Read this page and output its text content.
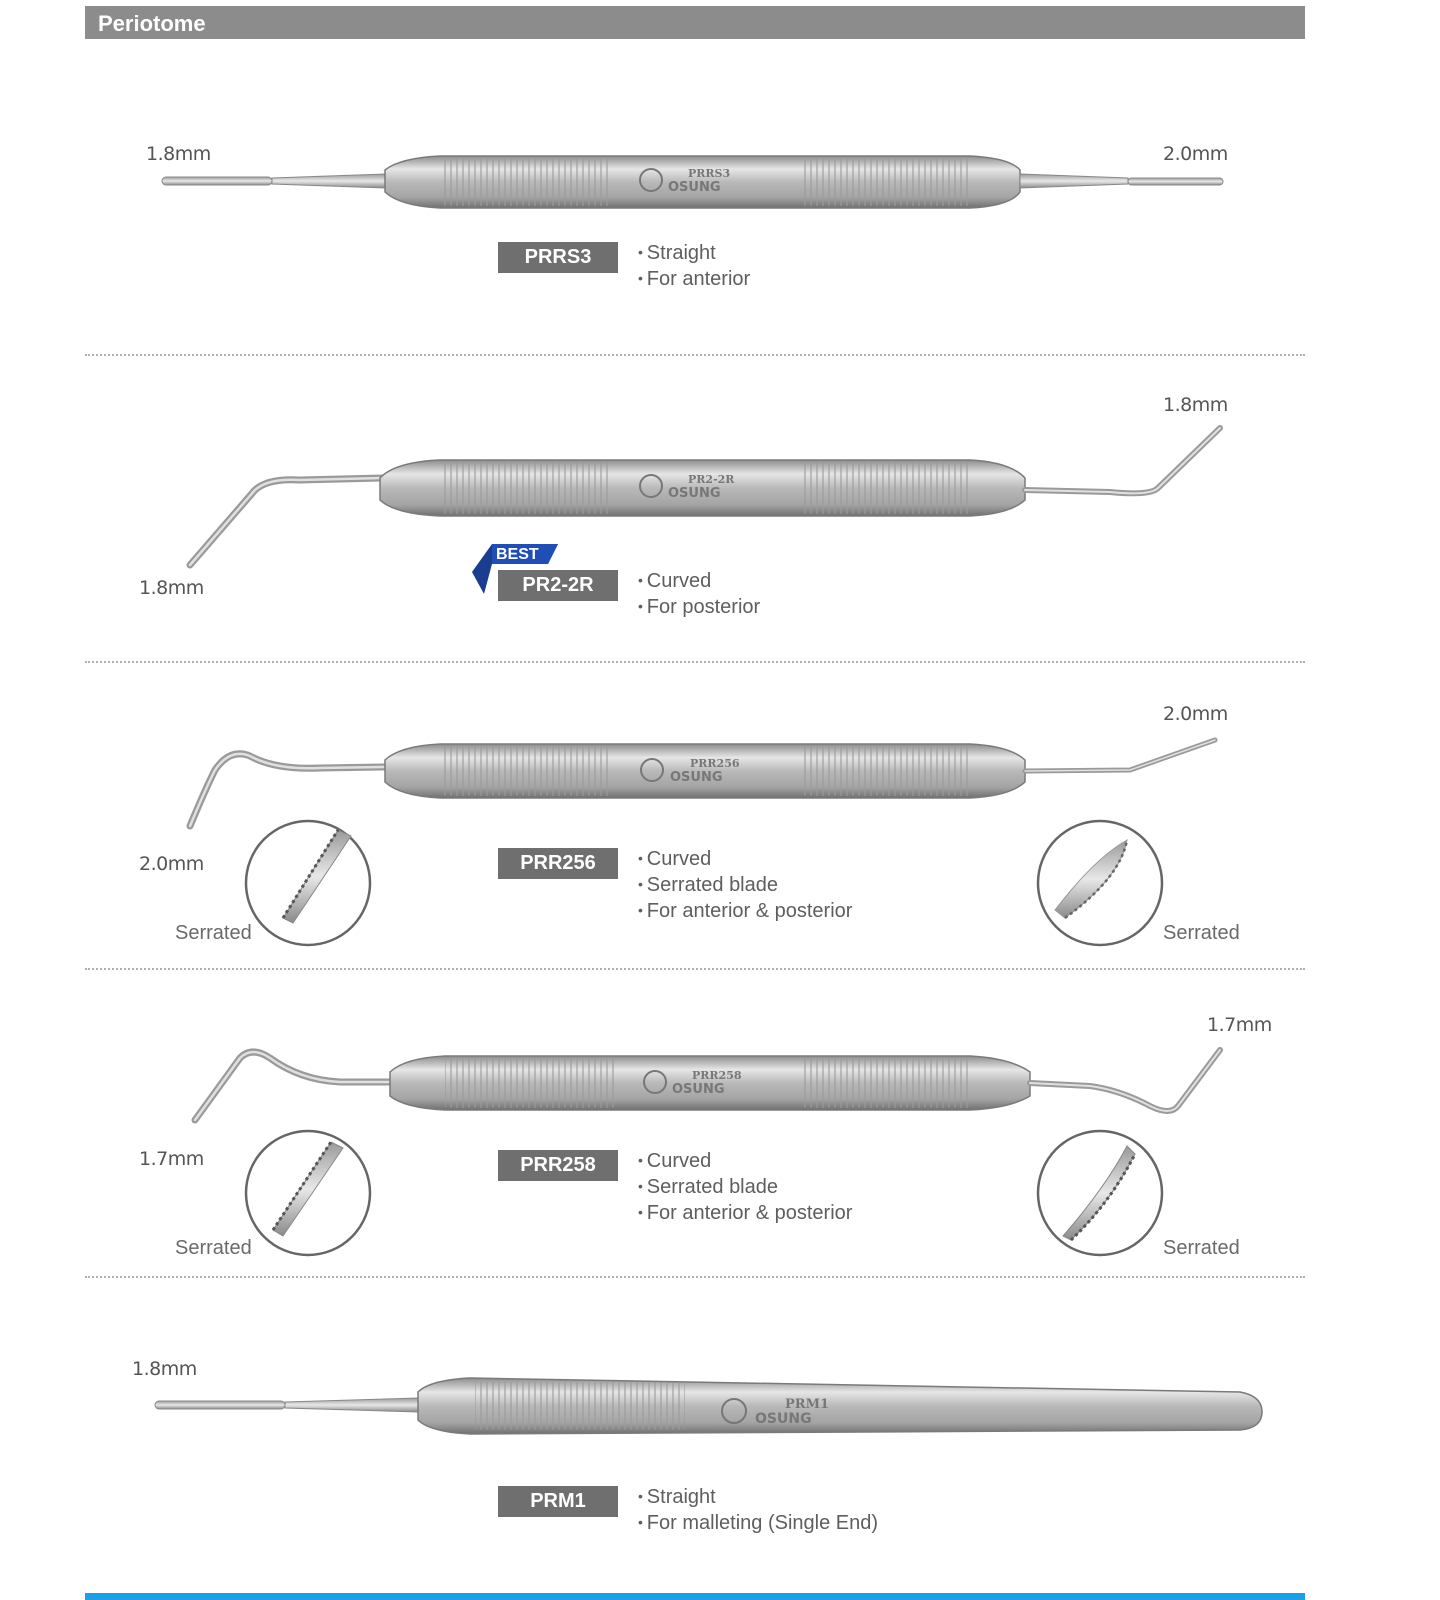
Periotome
1.8mm	2.0mm
PRRS3
OSUNG
PRRS3	• Straight
• For anterior
1.8mm
1.8mm
PR2-2R
OSUNG
BEST
PR2-2R	• Curved
• For posterior
2.0mm
2.0mm
PRR256
OSUNG
Serrated	Serrated
PRR256	• Curved
• Serrated blade
• For anterior & posterior
1.7mm
1.7mm
PRR258
OSUNG
Serrated	Serrated
PRR258	• Curved
• Serrated blade
• For anterior & posterior
1.8mm
PRM1
OSUNG
PRM1	• Straight
• For malleting (Single End)
